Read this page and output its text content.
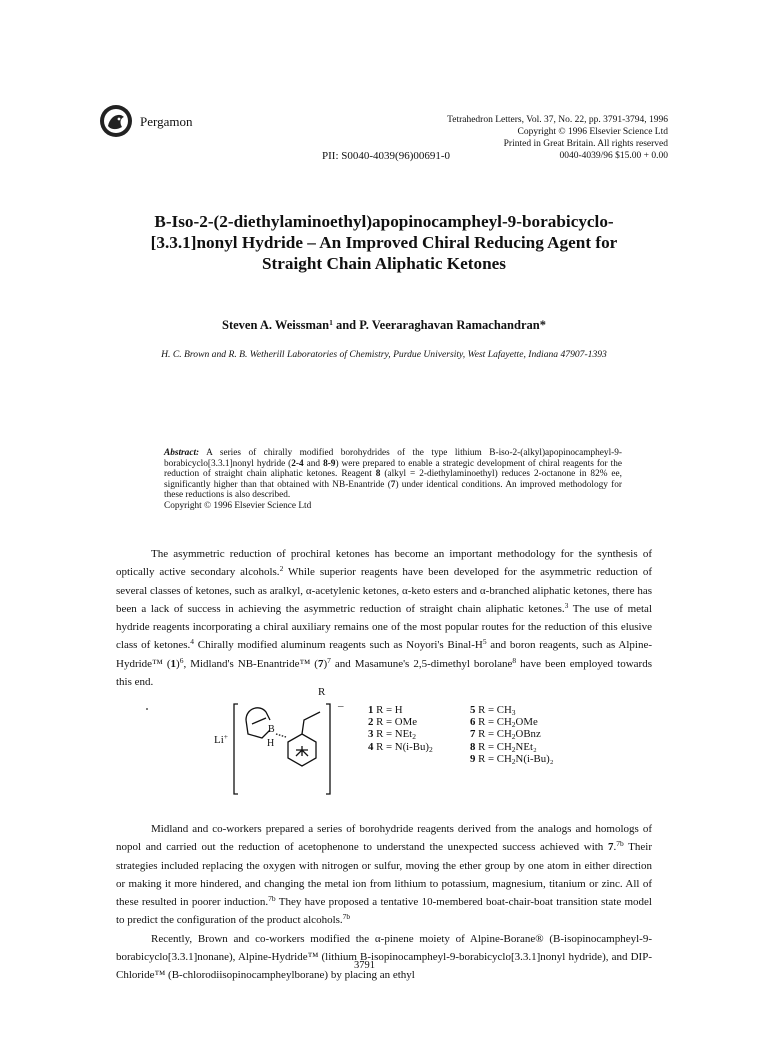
Pergamon	Tetrahedron Letters, Vol. 37, No. 22, pp. 3791-3794, 1996
Copyright © 1996 Elsevier Science Ltd
Printed in Great Britain. All rights reserved
0040-4039/96 $15.00 + 0.00
PII: S0040-4039(96)00691-0
B-Iso-2-(2-diethylaminoethyl)apopinocampheyl-9-borabicyclo-
[3.3.1]nonyl Hydride – An Improved Chiral Reducing Agent for
Straight Chain Aliphatic Ketones
Steven A. Weissman$^1$ and P. Veeraraghavan Ramachandran*
H. C. Brown and R. B. Wetherill Laboratories of Chemistry, Purdue University, West Lafayette, Indiana 47907-1393
Abstract: A series of chirally modified borohydrides of the type lithium B-iso-2-(alkyl)apopinocampheyl-9-borabicyclo[3.3.1]nonyl hydride (2-4 and 8-9) were prepared to enable a strategic development of chiral reagents for the reduction of straight chain aliphatic ketones. Reagent 8 (alkyl = 2-diethylaminoethyl) reduces 2-octanone in 82% ee, significantly higher than that obtained with NB-Enantride (7) under identical conditions. An improved methodology for these reductions is also described.
Copyright © 1996 Elsevier Science Ltd

The asymmetric reduction of prochiral ketones has become an important methodology for the synthesis of optically active secondary alcohols.$^2$ While superior reagents have been developed for the asymmetric reduction of several classes of ketones, such as aralkyl, α-acetylenic ketones, α-keto esters and α-branched aliphatic ketones, there has been a lack of success in achieving the asymmetric reduction of straight chain aliphatic ketones.$^3$ The use of metal hydride reagents incorporating a chiral auxiliary remains one of the most popular routes for the reduction of this elusive class of ketones.$^4$ Chirally modified aluminum reagents such as Noyori's Binal-$H^5$ and boron reagents, such as Alpine-Hydride™ $(1)^6$, Midland's NB-Enantride™ $(7)^7$ and Masamune's 2,5-dimethyl borolane$^8$ have been employed towards this end.

R
B
H
Li+
– 1 R = H
2 R = OMe
3 R = NEt$_2$
4 $R = N(i-Bu)_2$
5 $R = CH_3$
6 $R = CH_2OMe$
7 $R = CH_2OBnz$
8 $R = CH_2NEt_2$
9 $R = CH_2N(i-Bu)_2$

Midland and co-workers prepared a series of borohydride reagents derived from the analogs and homologs of nopol and carried out the reduction of acetophenone to understand the unexpected success achieved with 7.$^{7b}$ Their strategies included replacing the oxygen with nitrogen or sulfur, moving the ether group by one atom in either direction or making it more hindered, and changing the metal ion from lithium to potassium, magnesium, titanium or zinc. All of these resulted in poorer induction.$^{7b}$ They have proposed a tentative 10-membered boat-chair-boat transition state model to predict the configuration of the product alcohols.$^{7b}$

Recently, Brown and co-workers modified the α-pinene moiety of Alpine-Borane® (B-isopinocampheyl-9-borabicyclo[3.3.1]nonane), Alpine-Hydride™ (lithium B-isopinocampheyl-9-borabicyclo[3.3.1]nonyl hydride), and DIP-Chloride™ (B-chlorodiisopinocampheylborane) by placing an ethyl

3791
